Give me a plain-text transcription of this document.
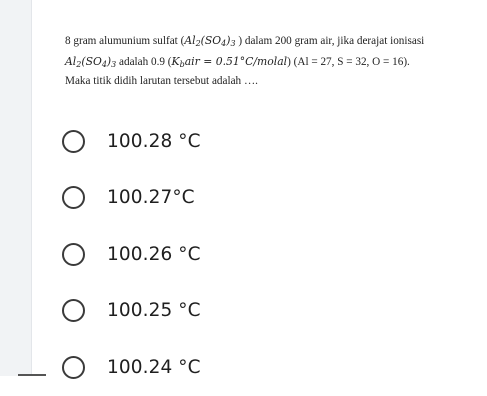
8 gram alumunium sulfat ($Al_2(SO_4)_3$ ) dalam 200 gram air, jika derajat ionisasi
$Al_2(SO_4)_3$ adalah 0.9 ($K_bair$ = 0.51°C/molal) (Al = 27, S = 32, O = 16).
Maka titik didih larutan tersebut adalah ….
100.28 °C
100.27°C
100.26 °C
100.25 °C
100.24 °C
